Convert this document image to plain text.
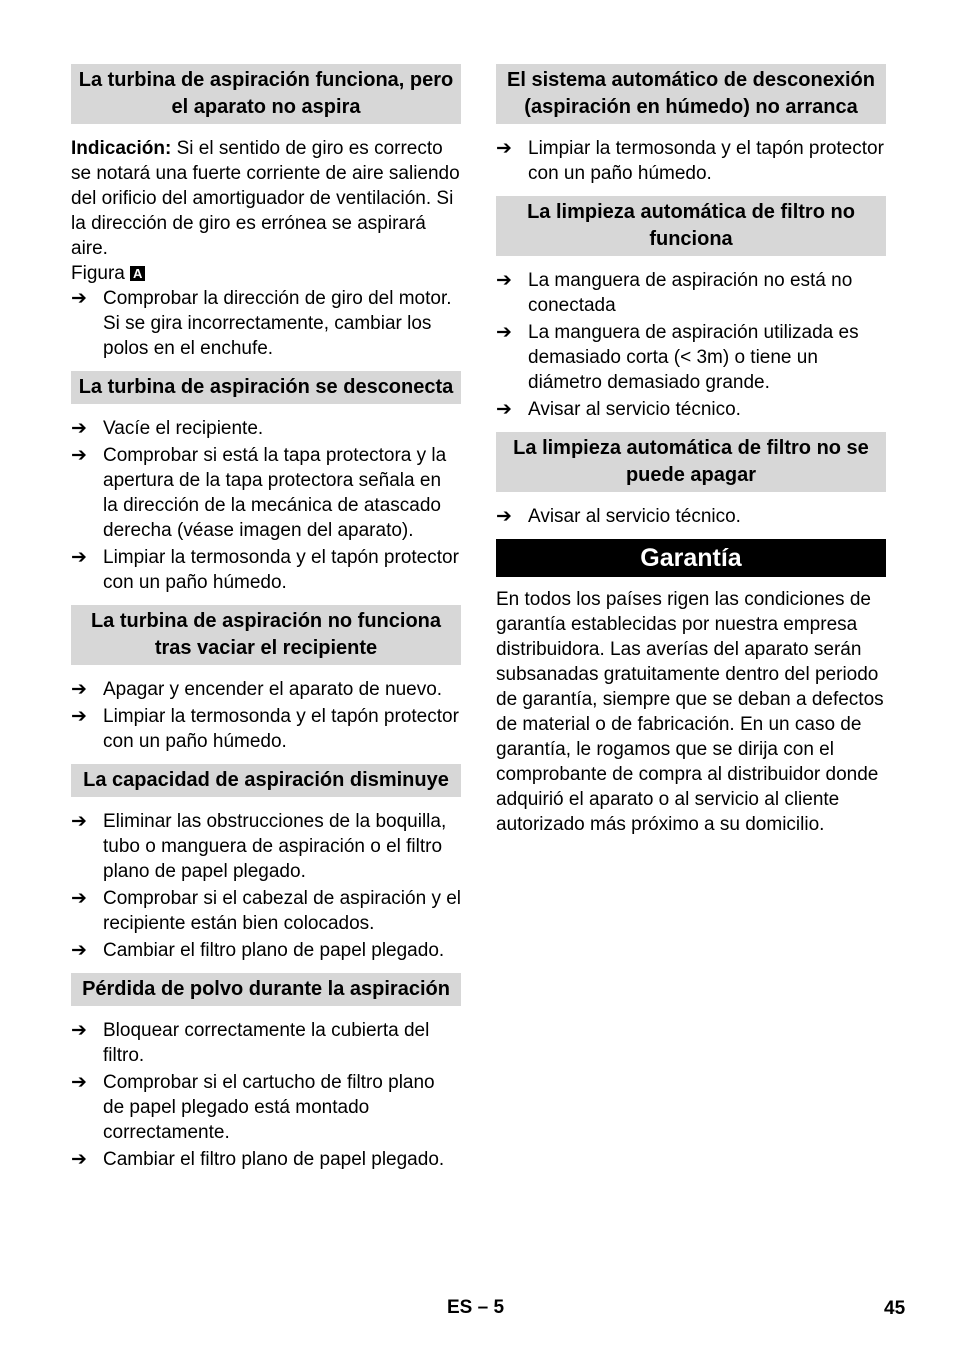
La turbina de aspiración funciona, pero el aparato no aspira

Indicación: Si el sentido de giro es correcto se notará una fuerte corriente de aire saliendo del orificio del amortiguador de ventilación. Si la dirección de giro es errónea se aspirará aire.

Figura A

➔ Comprobar la dirección de giro del motor. Si se gira incorrectamente, cambiar los polos en el enchufe.
La turbina de aspiración se desconecta
➔ Vacíe el recipiente.
➔ Comprobar si está la tapa protectora y la apertura de la tapa protectora señala en la dirección de la mecánica de atascado derecha (véase imagen del aparato).
➔ Limpiar la termosonda y el tapón protector con un paño húmedo.
La turbina de aspiración no funciona tras vaciar el recipiente
➔ Apagar y encender el aparato de nuevo.
➔ Limpiar la termosonda y el tapón protector con un paño húmedo.
La capacidad de aspiración disminuye
➔ Eliminar las obstrucciones de la boquilla, tubo o manguera de aspiración o el filtro plano de papel plegado.
➔ Comprobar si el cabezal de aspiración y el recipiente están bien colocados.
➔ Cambiar el filtro plano de papel plegado.
Pérdida de polvo durante la aspiración
➔ Bloquear correctamente la cubierta del filtro.
➔ Comprobar si el cartucho de filtro plano de papel plegado está montado correctamente.
➔ Cambiar el filtro plano de papel plegado.
El sistema automático de desconexión (aspiración en húmedo) no arranca
➔ Limpiar la termosonda y el tapón protector con un paño húmedo.
La limpieza automática de filtro no funciona
➔ La manguera de aspiración no está no conectada
➔ La manguera de aspiración utilizada es demasiado corta (< 3m) o tiene un diámetro demasiado grande.
➔ Avisar al servicio técnico.
La limpieza automática de filtro no se puede apagar
➔ Avisar al servicio técnico.
Garantía

En todos los países rigen las condiciones de garantía establecidas por nuestra empresa distribuidora. Las averías del aparato serán subsanadas gratuitamente dentro del periodo de garantía, siempre que se deban a defectos de material o de fabricación. En un caso de garantía, le rogamos que se dirija con el comprobante de compra al distribuidor donde adquirió el aparato o al servicio al cliente autorizado más próximo a su domicilio.

ES – 5	45
